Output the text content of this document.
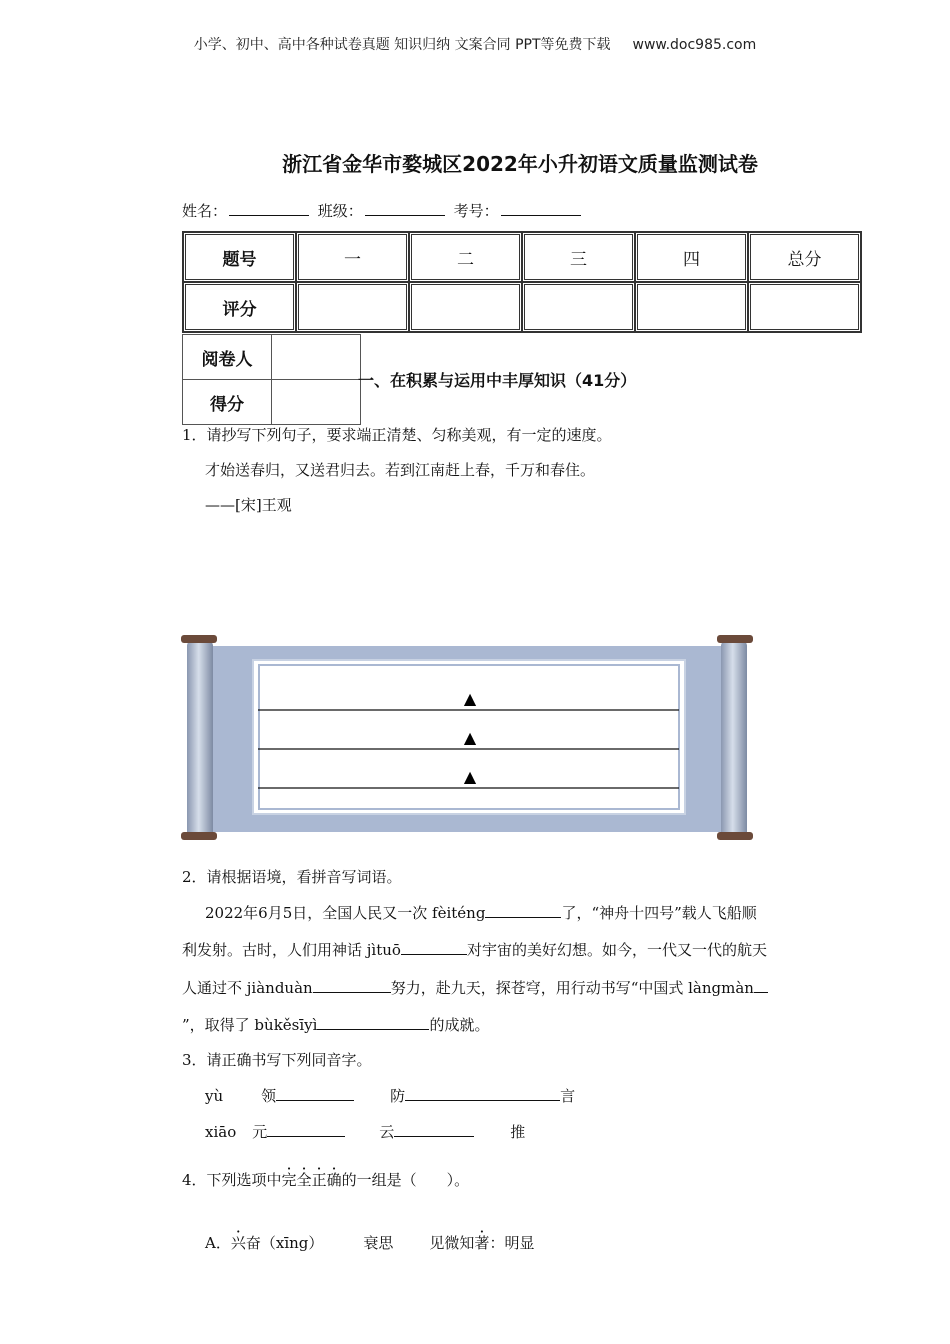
小学、初中、高中各种试卷真题 知识归纳 文案合同 PPT等免费下载 www.doc985.com
浙江省金华市婺城区2022年小升初语文质量监测试卷
姓名：	班级：	考号：
题号	一	二	三	四	总分
评分					
阅卷人	
得分	
一、在积累与运用中丰厚知识（41分）
1．请抄写下列句子，要求端正清楚、匀称美观，有一定的速度。
才始送春归，又送君归去。若到江南赶上春，千万和春住。
——[宋]王观
▲
▲
▲
2．请根据语境，看拼音写词语。
2022年6月5日，全国人民又一次 fèiténg	了，“神舟十四号”载人飞船顺
利发射。古时，人们用神话 jìtuō	对宇宙的美好幻想。如今，一代又一代的航天
人通过不 jiànduàn	努力，赴九天，探苍穹，用行动书写“中国式 làngmàn
”，取得了 bùkěsīyì	的成就。
3．请正确书写下列同音字。
yù	领	防	言
xiāo 元	云	推
4．下列选项中完全正确的一组是（　　）。
A．兴奋（xīng）	衰思 见微知著：明显
